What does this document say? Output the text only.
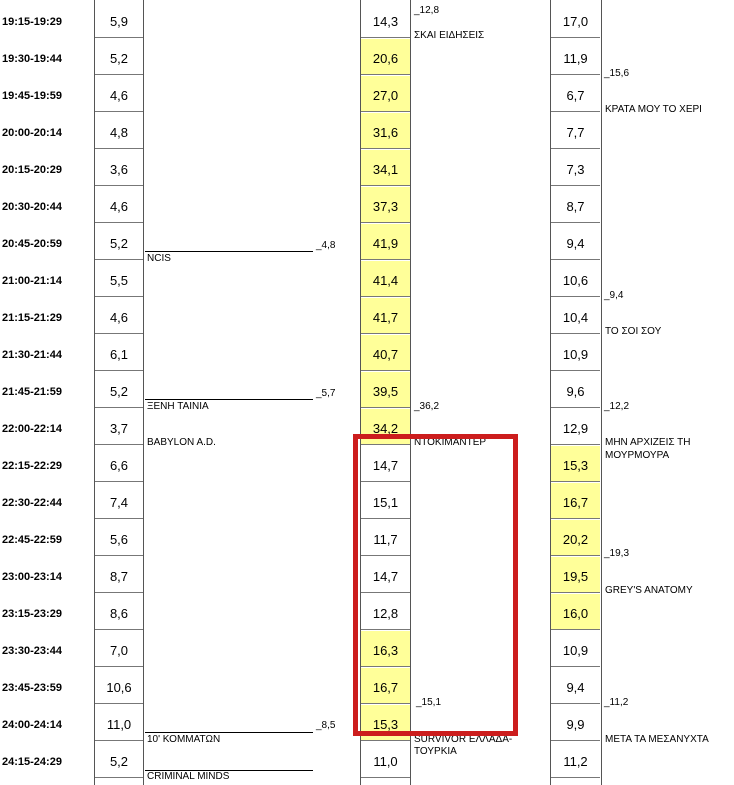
19:15-19:29	5,9	14,3	17,0
19:30-19:44	5,2	20,6	11,9
19:45-19:59	4,6	27,0	6,7
20:00-20:14	4,8	31,6	7,7
20:15-20:29	3,6	34,1	7,3
20:30-20:44	4,6	37,3	8,7
20:45-20:59	5,2	41,9	9,4
21:00-21:14	5,5	41,4	10,6
21:15-21:29	4,6	41,7	10,4
21:30-21:44	6,1	40,7	10,9
21:45-21:59	5,2	39,5	9,6
22:00-22:14	3,7	34,2	12,9
22:15-22:29	6,6	14,7	15,3
22:30-22:44	7,4	15,1	16,7
22:45-22:59	5,6	11,7	20,2
23:00-23:14	8,7	14,7	19,5
23:15-23:29	8,6	12,8	16,0
23:30-23:44	7,0	16,3	10,9
23:45-23:59	10,6	16,7	9,4
24:00-24:14	11,0	15,3	9,9
24:15-24:29	5,2	11,0	11,2
_4,8
NCIS
_5,7
ΞΕΝΗ ΤΑΙΝΙΑ
BABYLON A.D.
_8,5
10' ΚΟΜΜΑΤΩΝ
CRIMINAL MINDS
_12,8
ΣΚΑΙ ΕΙΔΗΣΕΙΣ
_36,2
ΝΤΟΚΙΜΑΝΤΕΡ
_15,1
SURVIVOR ΕΛΛΑΔΑ-
ΤΟΥΡΚΙΑ
_15,6
ΚΡΑΤΑ ΜΟΥ ΤΟ ΧΕΡΙ
_9,4
ΤΟ ΣΟΙ ΣΟΥ
_12,2
ΜΗΝ ΑΡΧΙΖΕΙΣ ΤΗ
ΜΟΥΡΜΟΥΡΑ
_19,3
GREY'S ANATOMY
_11,2
ΜΕΤΑ ΤΑ ΜΕΣΑΝΥΧΤΑ
